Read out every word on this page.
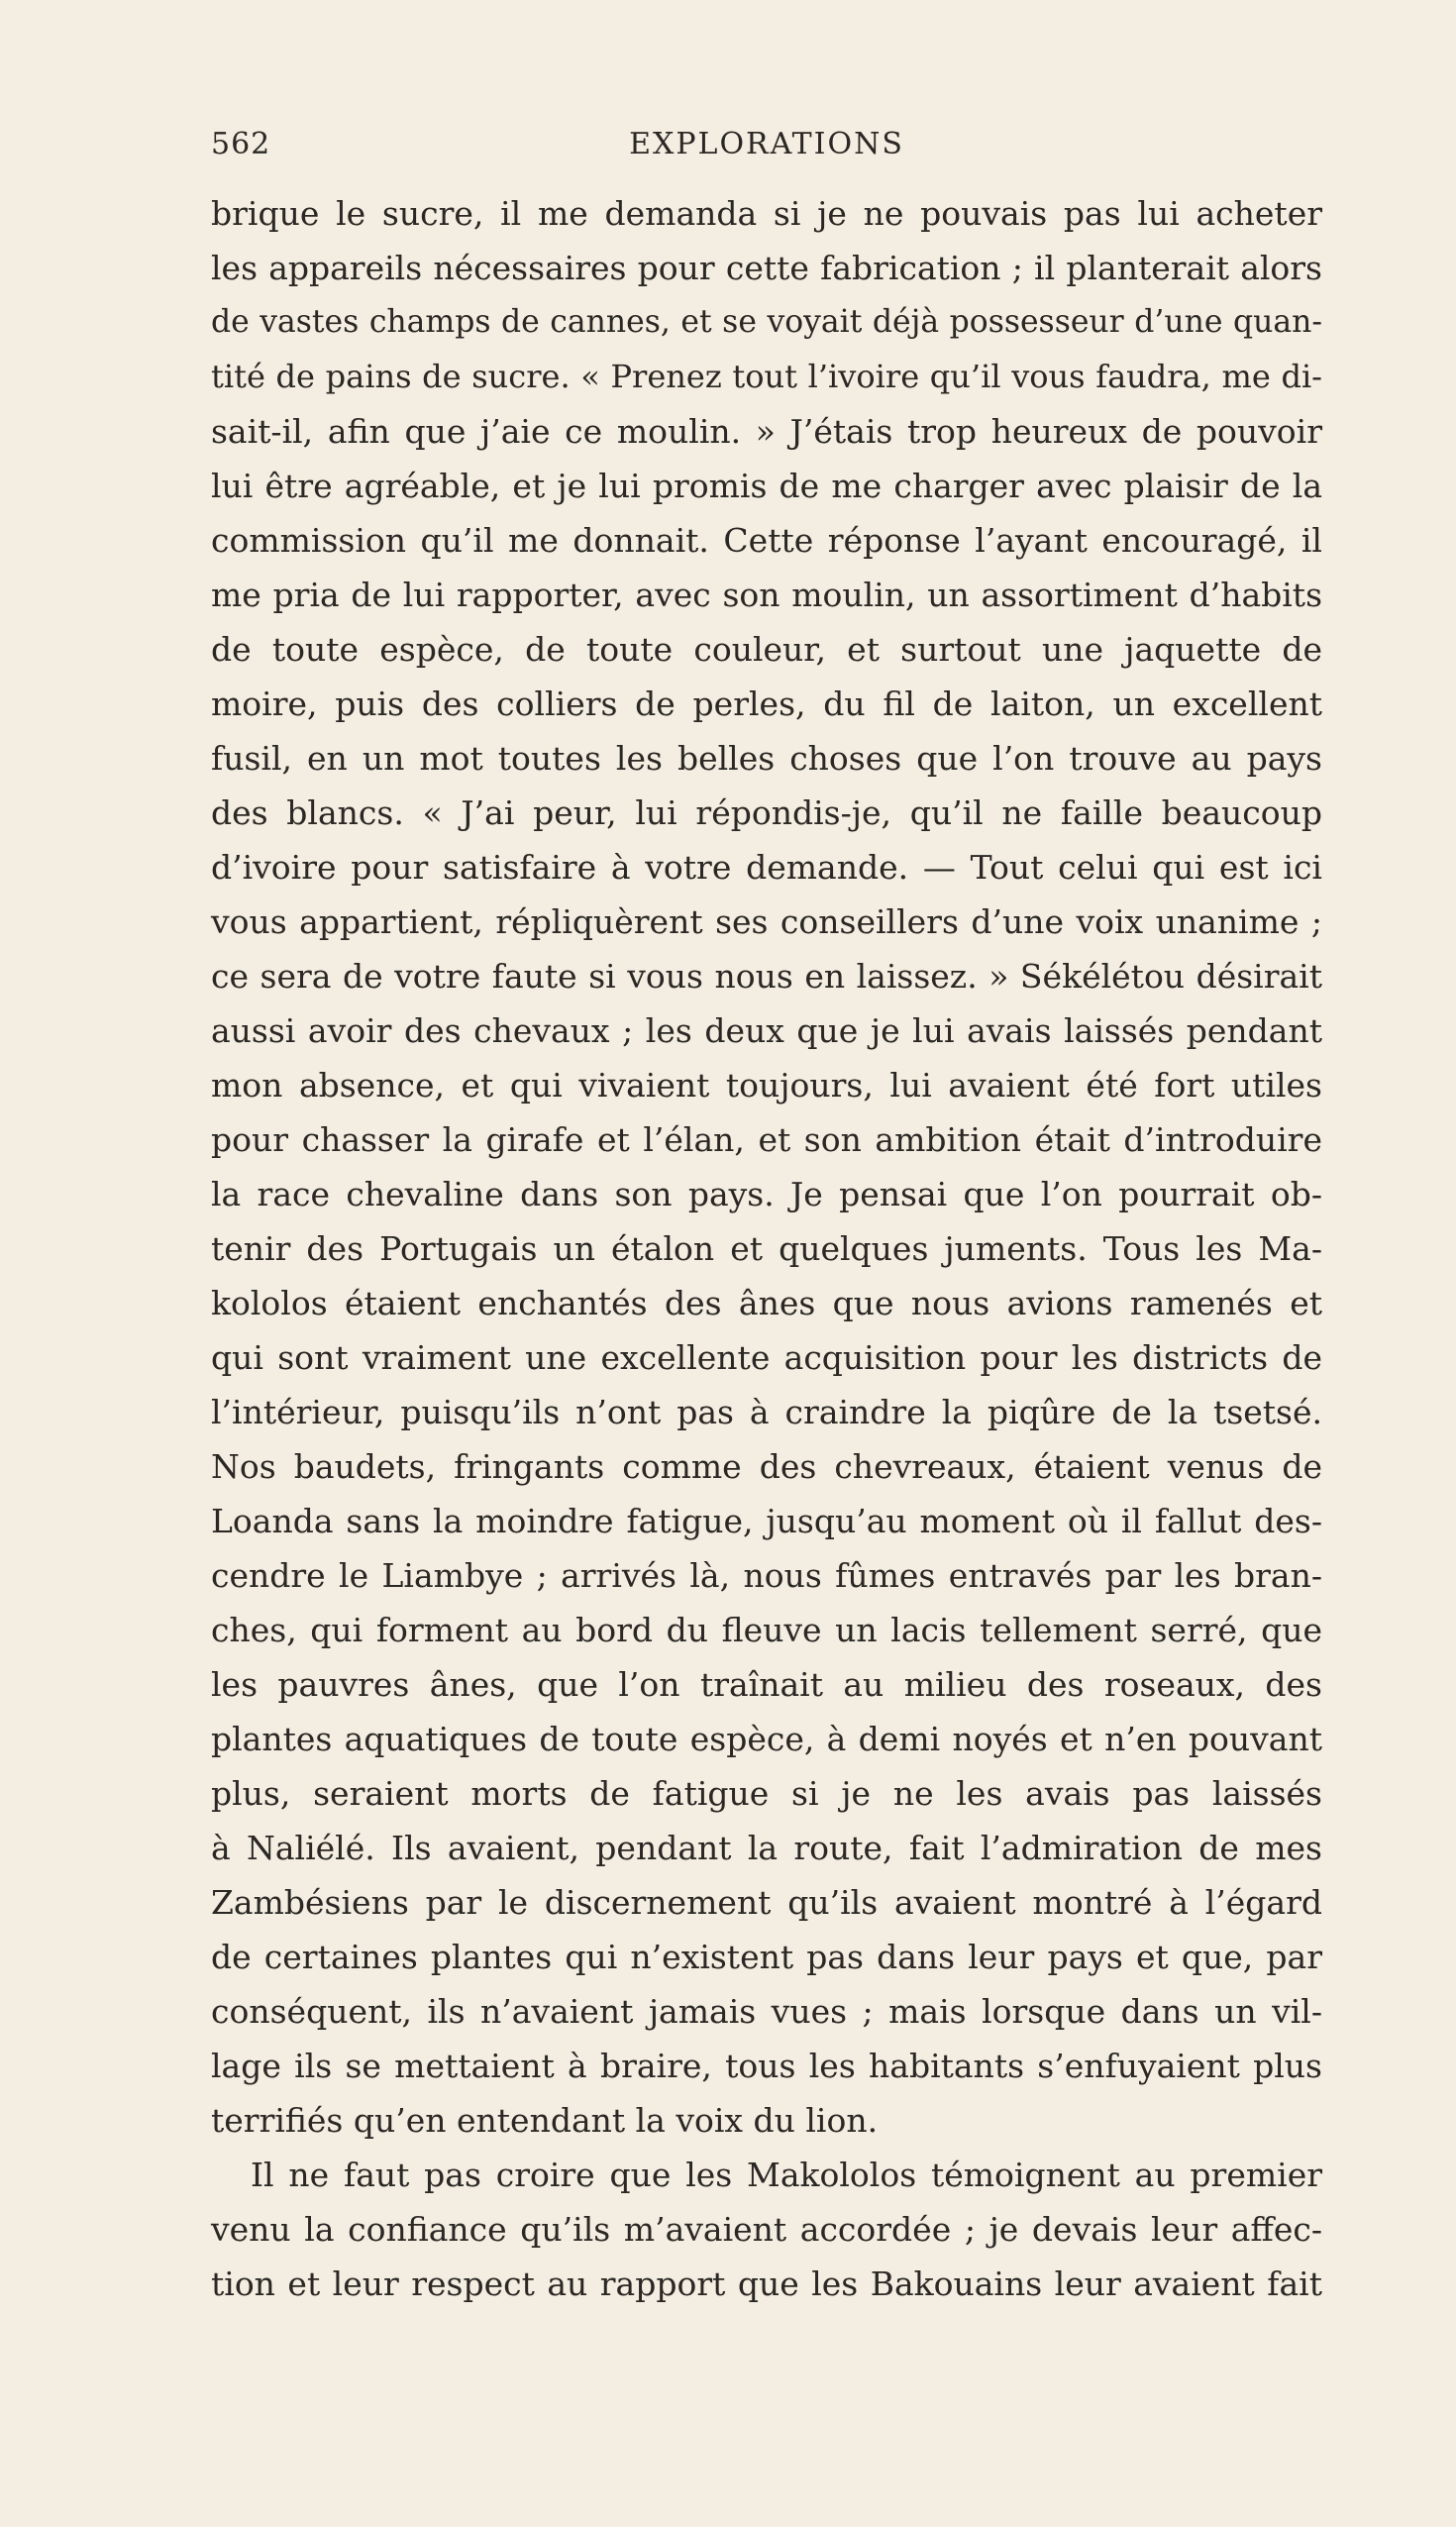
562	EXPLORATIONS
brique le sucre, il me demanda si je ne pouvais pas lui acheter
les appareils nécessaires pour cette fabrication ; il planterait alors
de vastes champs de cannes, et se voyait déjà possesseur d’une quan-
tité de pains de sucre. « Prenez tout l’ivoire qu’il vous faudra, me di-
sait-il, afin que j’aie ce moulin. » J’étais trop heureux de pouvoir
lui être agréable, et je lui promis de me charger avec plaisir de la
commission qu’il me donnait. Cette réponse l’ayant encouragé, il
me pria de lui rapporter, avec son moulin, un assortiment d’habits
de toute espèce, de toute couleur, et surtout une jaquette de
moire, puis des colliers de perles, du fil de laiton, un excellent
fusil, en un mot toutes les belles choses que l’on trouve au pays
des blancs. « J’ai peur, lui répondis-je, qu’il ne faille beaucoup
d’ivoire pour satisfaire à votre demande. — Tout celui qui est ici
vous appartient, répliquèrent ses conseillers d’une voix unanime ;
ce sera de votre faute si vous nous en laissez. » Sékélétou désirait
aussi avoir des chevaux ; les deux que je lui avais laissés pendant
mon absence, et qui vivaient toujours, lui avaient été fort utiles
pour chasser la girafe et l’élan, et son ambition était d’introduire
la race chevaline dans son pays. Je pensai que l’on pourrait ob-
tenir des Portugais un étalon et quelques juments. Tous les Ma-
kololos étaient enchantés des ânes que nous avions ramenés et
qui sont vraiment une excellente acquisition pour les districts de
l’intérieur, puisqu’ils n’ont pas à craindre la piqûre de la tsetsé.
Nos baudets, fringants comme des chevreaux, étaient venus de
Loanda sans la moindre fatigue, jusqu’au moment où il fallut des-
cendre le Liambye ; arrivés là, nous fûmes entravés par les bran-
ches, qui forment au bord du fleuve un lacis tellement serré, que
les pauvres ânes, que l’on traînait au milieu des roseaux, des
plantes aquatiques de toute espèce, à demi noyés et n’en pouvant
plus, seraient morts de fatigue si je ne les avais pas laissés
à Naliélé. Ils avaient, pendant la route, fait l’admiration de mes
Zambésiens par le discernement qu’ils avaient montré à l’égard
de certaines plantes qui n’existent pas dans leur pays et que, par
conséquent, ils n’avaient jamais vues ; mais lorsque dans un vil-
lage ils se mettaient à braire, tous les habitants s’enfuyaient plus
terrifiés qu’en entendant la voix du lion.
Il ne faut pas croire que les Makololos témoignent au premier
venu la confiance qu’ils m’avaient accordée ; je devais leur affec-
tion et leur respect au rapport que les Bakouains leur avaient fait
